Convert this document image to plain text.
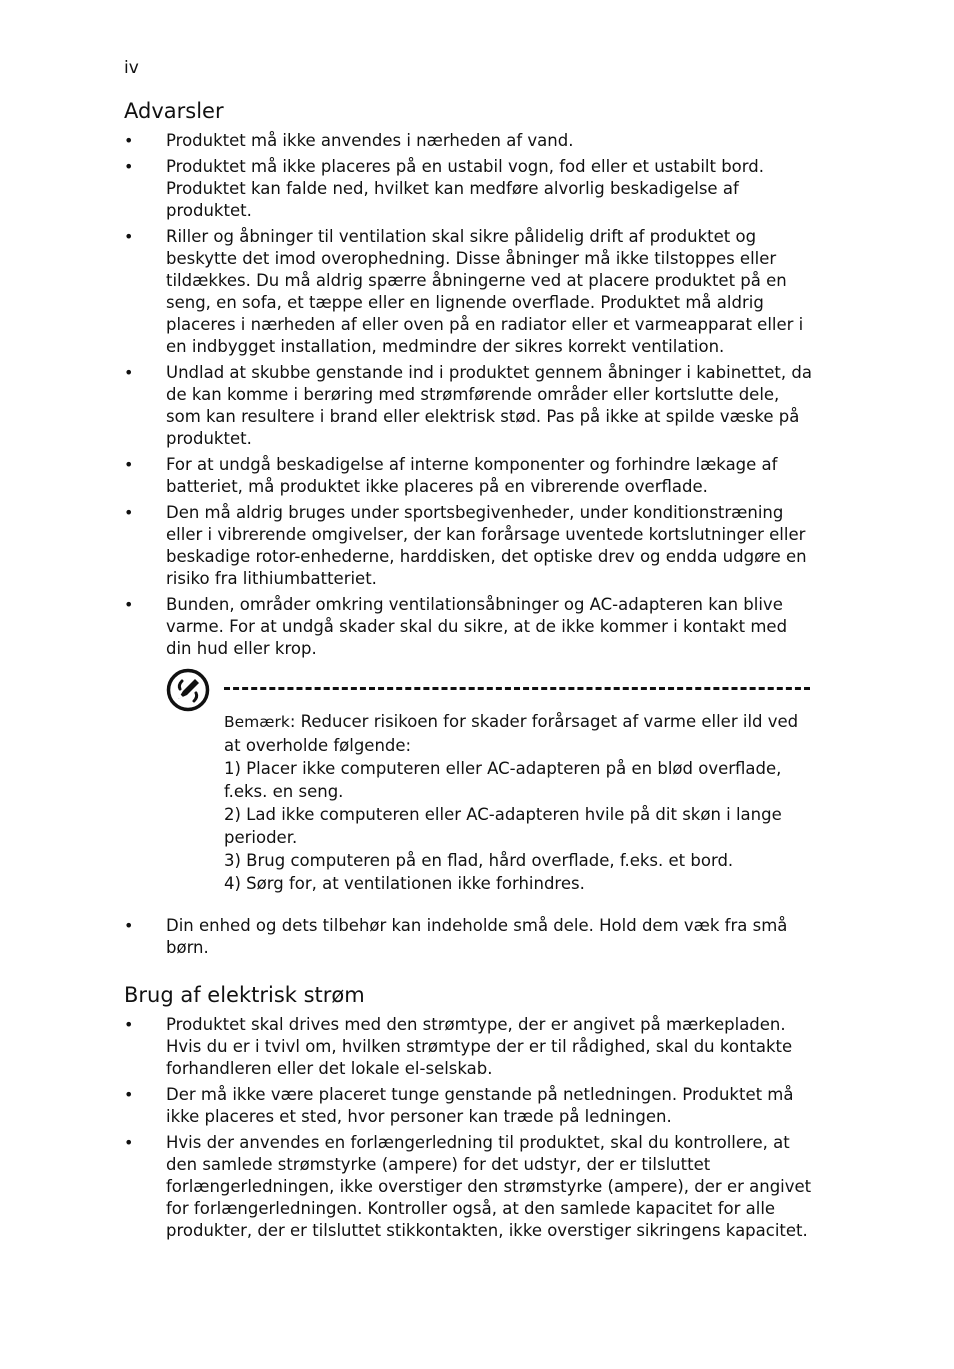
iv
Advarsler
• Produktet må ikke anvendes i nærheden af vand.
• Produktet må ikke placeres på en ustabil vogn, fod eller et ustabilt bord. Produktet kan falde ned, hvilket kan medføre alvorlig beskadigelse af produktet.
• Riller og åbninger til ventilation skal sikre pålidelig drift af produktet og beskytte det imod overophedning. Disse åbninger må ikke tilstoppes eller tildækkes. Du må aldrig spærre åbningerne ved at placere produktet på en seng, en sofa, et tæppe eller en lignende overflade. Produktet må aldrig placeres i nærheden af eller oven på en radiator eller et varmeapparat eller i en indbygget installation, medmindre der sikres korrekt ventilation.
• Undlad at skubbe genstande ind i produktet gennem åbninger i kabinettet, da de kan komme i berøring med strømførende områder eller kortslutte dele, som kan resultere i brand eller elektrisk stød. Pas på ikke at spilde væske på produktet.
• For at undgå beskadigelse af interne komponenter og forhindre lækage af batteriet, må produktet ikke placeres på en vibrerende overflade.
• Den må aldrig bruges under sportsbegivenheder, under konditionstræning eller i vibrerende omgivelser, der kan forårsage uventede kortslutninger eller beskadige rotor-enhederne, harddisken, det optiske drev og endda udgøre en risiko fra lithiumbatteriet.
• Bunden, områder omkring ventilationsåbninger og AC-adapteren kan blive varme. For at undgå skader skal du sikre, at de ikke kommer i kontakt med din hud eller krop.
Bemærk: Reducer risikoen for skader forårsaget af varme eller ild ved at overholde følgende:
1) Placer ikke computeren eller AC-adapteren på en blød overflade, f.eks. en seng.
2) Lad ikke computeren eller AC-adapteren hvile på dit skøn i lange perioder.
3) Brug computeren på en flad, hård overflade, f.eks. et bord.
4) Sørg for, at ventilationen ikke forhindres.
• Din enhed og dets tilbehør kan indeholde små dele. Hold dem væk fra små børn.
Brug af elektrisk strøm
• Produktet skal drives med den strømtype, der er angivet på mærkepladen. Hvis du er i tvivl om, hvilken strømtype der er til rådighed, skal du kontakte forhandleren eller det lokale el-selskab.
• Der må ikke være placeret tunge genstande på netledningen. Produktet må ikke placeres et sted, hvor personer kan træde på ledningen.
• Hvis der anvendes en forlængerledning til produktet, skal du kontrollere, at den samlede strømstyrke (ampere) for det udstyr, der er tilsluttet forlængerledningen, ikke overstiger den strømstyrke (ampere), der er angivet for forlængerledningen. Kontroller også, at den samlede kapacitet for alle produkter, der er tilsluttet stikkontakten, ikke overstiger sikringens kapacitet.
